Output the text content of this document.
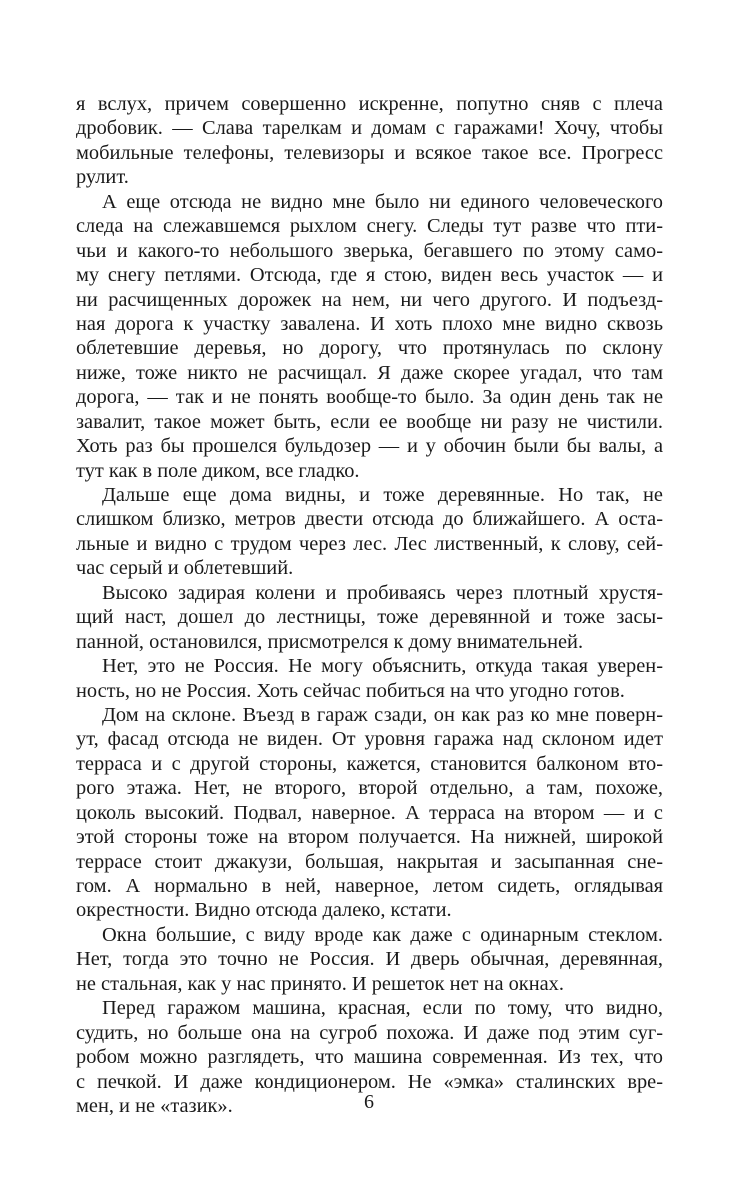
я вслух, причем совершенно искренне, попутно сняв с плеча
дробовик. — Слава тарелкам и домам с гаражами! Хочу, чтобы
мобильные телефоны, телевизоры и всякое такое все. Прогресс
рулит.
А еще отсюда не видно мне было ни единого человеческого
следа на слежавшемся рыхлом снегу. Следы тут разве что пти-
чьи и какого-то небольшого зверька, бегавшего по этому само-
му снегу петлями. Отсюда, где я стою, виден весь участок — и
ни расчищенных дорожек на нем, ни чего другого. И подъезд-
ная дорога к участку завалена. И хоть плохо мне видно сквозь
облетевшие деревья, но дорогу, что протянулась по склону
ниже, тоже никто не расчищал. Я даже скорее угадал, что там
дорога, — так и не понять вообще-то было. За один день так не
завалит, такое может быть, если ее вообще ни разу не чистили.
Хоть раз бы прошелся бульдозер — и у обочин были бы валы, а
тут как в поле диком, все гладко.
Дальше еще дома видны, и тоже деревянные. Но так, не
слишком близко, метров двести отсюда до ближайшего. А оста-
льные и видно с трудом через лес. Лес лиственный, к слову, сей-
час серый и облетевший.
Высоко задирая колени и пробиваясь через плотный хрустя-
щий наст, дошел до лестницы, тоже деревянной и тоже засы-
панной, остановился, присмотрелся к дому внимательней.
Нет, это не Россия. Не могу объяснить, откуда такая уверен-
ность, но не Россия. Хоть сейчас побиться на что угодно готов.
Дом на склоне. Въезд в гараж сзади, он как раз ко мне поверн-
ут, фасад отсюда не виден. От уровня гаража над склоном идет
терраса и с другой стороны, кажется, становится балконом вто-
рого этажа. Нет, не второго, второй отдельно, а там, похоже,
цоколь высокий. Подвал, наверное. А терраса на втором — и с
этой стороны тоже на втором получается. На нижней, широкой
террасе стоит джакузи, большая, накрытая и засыпанная сне-
гом. А нормально в ней, наверное, летом сидеть, оглядывая
окрестности. Видно отсюда далеко, кстати.
Окна большие, с виду вроде как даже с одинарным стеклом.
Нет, тогда это точно не Россия. И дверь обычная, деревянная,
не стальная, как у нас принято. И решеток нет на окнах.
Перед гаражом машина, красная, если по тому, что видно,
судить, но больше она на сугроб похожа. И даже под этим суг-
робом можно разглядеть, что машина современная. Из тех, что
с печкой. И даже кондиционером. Не «эмка» сталинских вре-
мен, и не «тазик».	6
